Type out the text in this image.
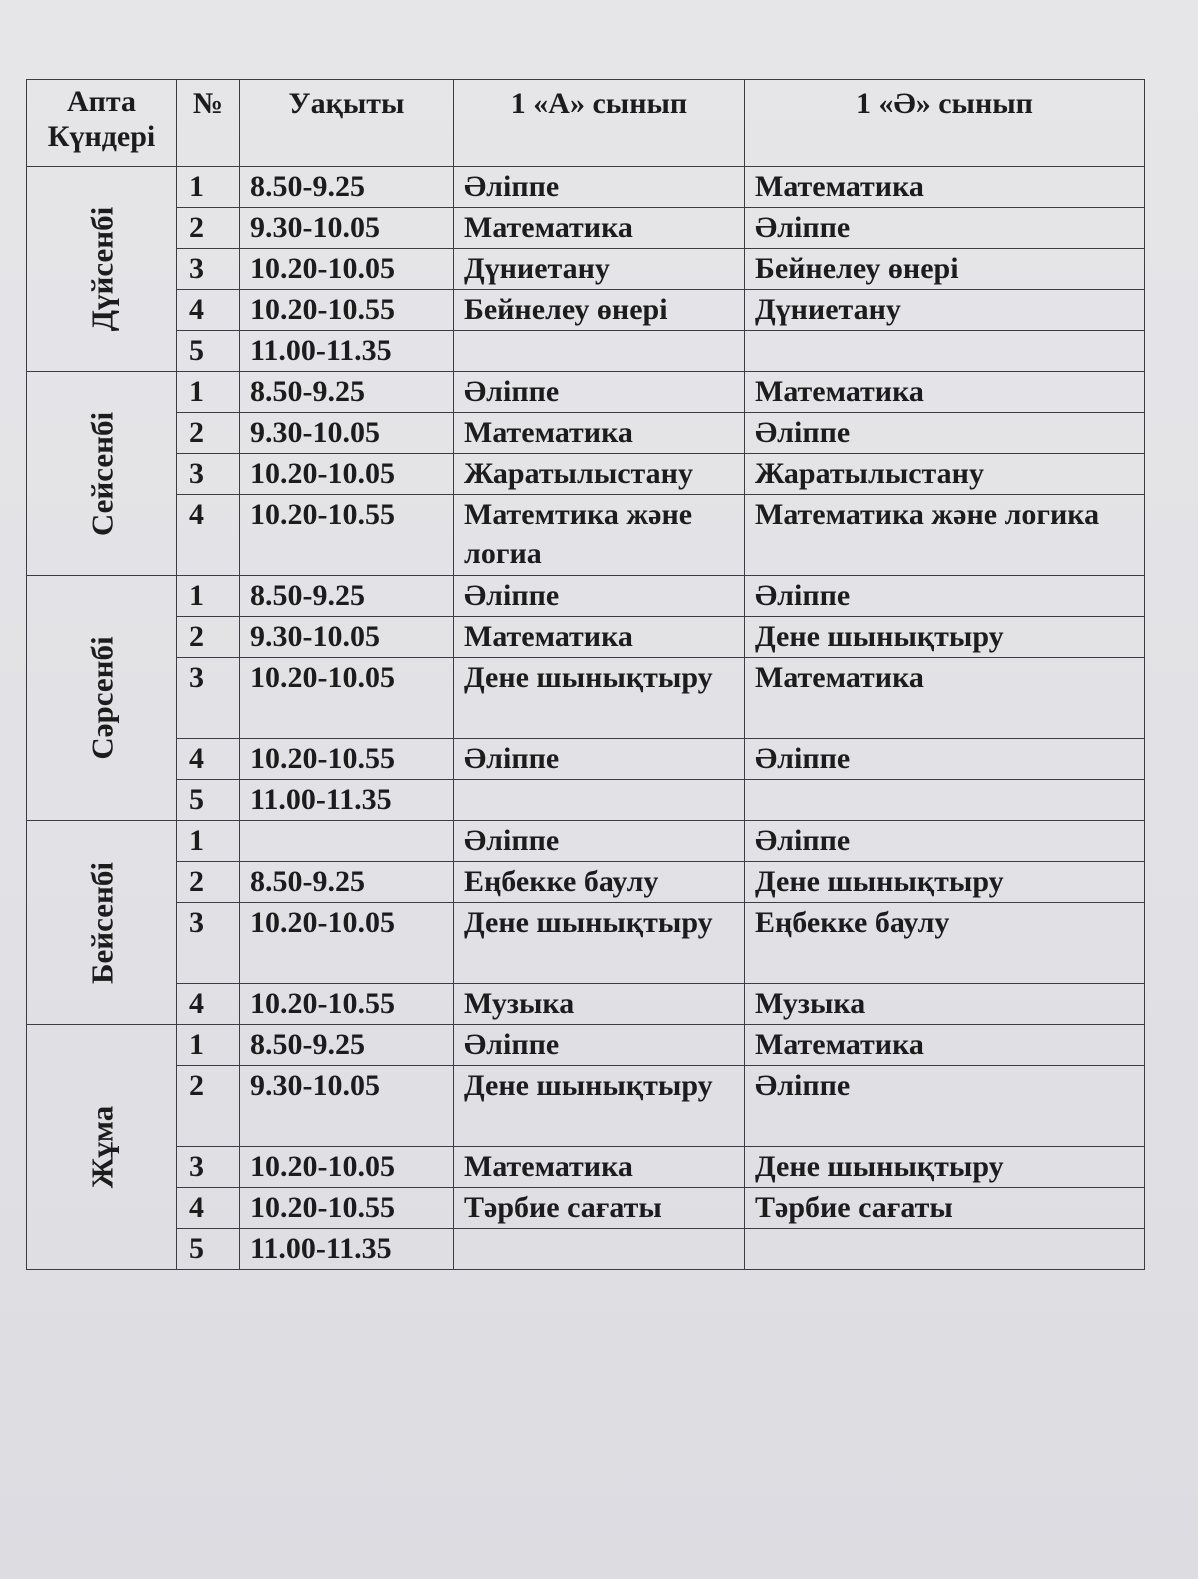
Апта
Күндері	№	Уақыты	1 «А» сынып	1 «Ә» сынып

Дүйсенбі	1	8.50-9.25	Әліппе	Математика
	2	9.30-10.05	Математика	Әліппе
	3	10.20-10.05	Дүниетану	Бейнелеу өнері
	4	10.20-10.55	Бейнелеу өнері	Дүниетану
	5	11.00-11.35		

Сейсенбі	1	8.50-9.25	Әліппе	Математика
	2	9.30-10.05	Математика	Әліппе
	3	10.20-10.05	Жаратылыстану	Жаратылыстану
	4	10.20-10.55	Матемтика және логиа	Математика және логика

Сәрсенбі	1	8.50-9.25	Әліппе	Әліппе
	2	9.30-10.05	Математика	Дене шынықтыру
	3	10.20-10.05	Дене шынықтыру	Математика
	4	10.20-10.55	Әліппе	Әліппе
	5	11.00-11.35		

Бейсенбі	1		Әліппе	Әліппе
	2	8.50-9.25	Еңбекке баулу	Дене шынықтыру
	3	10.20-10.05	Дене шынықтыру	Еңбекке баулу
	4	10.20-10.55	Музыка	Музыка

Жұма	1	8.50-9.25	Әліппе	Математика
	2	9.30-10.05	Дене шынықтыру	Әліппе
	3	10.20-10.05	Математика	Дене шынықтыру
	4	10.20-10.55	Тәрбие сағаты	Тәрбие сағаты
	5	11.00-11.35		
